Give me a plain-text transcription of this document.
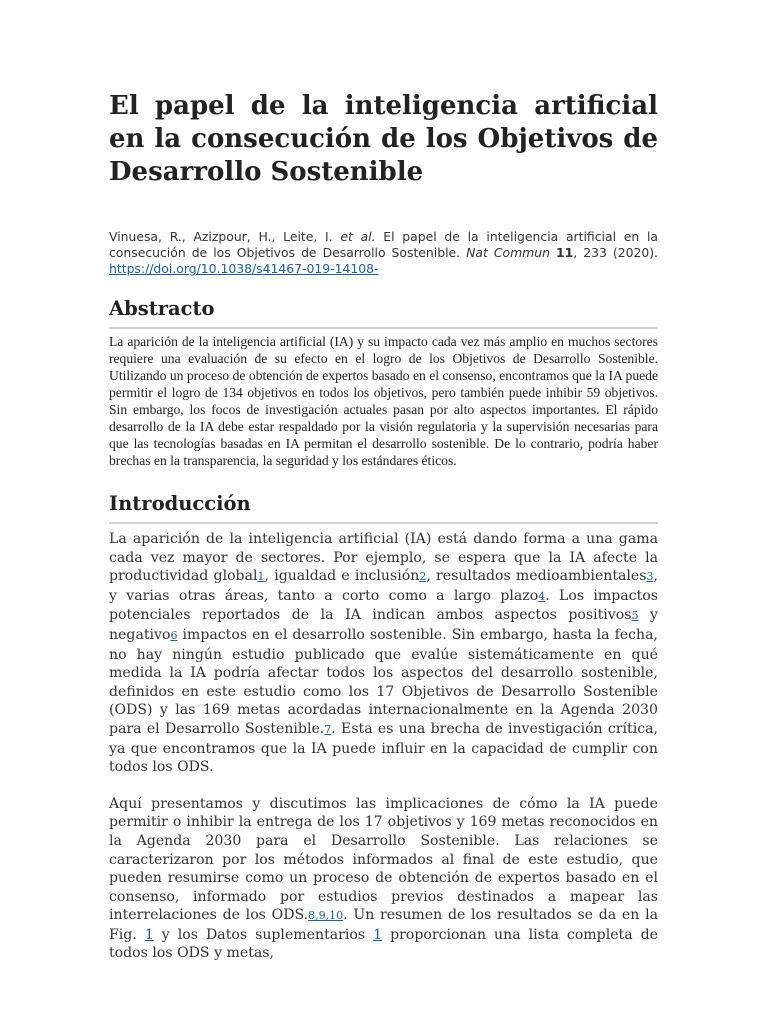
El papel de la inteligencia artificial en la consecución de los Objetivos de Desarrollo Sostenible

Vinuesa, R., Azizpour, H., Leite, I. et al. El papel de la inteligencia artificial en la consecución de los Objetivos de Desarrollo Sostenible. Nat Commun 11, 233 (2020). https://doi.org/10.1038/s41467-019-14108-

Abstracto

La aparición de la inteligencia artificial (IA) y su impacto cada vez más amplio en muchos sectores requiere una evaluación de su efecto en el logro de los Objetivos de Desarrollo Sostenible. Utilizando un proceso de obtención de expertos basado en el consenso, encontramos que la IA puede permitir el logro de 134 objetivos en todos los objetivos, pero también puede inhibir 59 objetivos. Sin embargo, los focos de investigación actuales pasan por alto aspectos importantes. El rápido desarrollo de la IA debe estar respaldado por la visión regulatoria y la supervisión necesarias para que las tecnologías basadas en IA permitan el desarrollo sostenible. De lo contrario, podría haber brechas en la transparencia, la seguridad y los estándares éticos.

Introducción

La aparición de la inteligencia artificial (IA) está dando forma a una gama cada vez mayor de sectores. Por ejemplo, se espera que la IA afecte la productividad global1, igualdad e inclusión2, resultados medioambientales3, y varias otras áreas, tanto a corto como a largo plazo4. Los impactos potenciales reportados de la IA indican ambos aspectos positivos5 y negativo6 impactos en el desarrollo sostenible. Sin embargo, hasta la fecha, no hay ningún estudio publicado que evalúe sistemáticamente en qué medida la IA podría afectar todos los aspectos del desarrollo sostenible, definidos en este estudio como los 17 Objetivos de Desarrollo Sostenible (ODS) y las 169 metas acordadas internacionalmente en la Agenda 2030 para el Desarrollo Sostenible.7. Esta es una brecha de investigación crítica, ya que encontramos que la IA puede influir en la capacidad de cumplir con todos los ODS.

Aquí presentamos y discutimos las implicaciones de cómo la IA puede permitir o inhibir la entrega de los 17 objetivos y 169 metas reconocidos en la Agenda 2030 para el Desarrollo Sostenible. Las relaciones se caracterizaron por los métodos informados al final de este estudio, que pueden resumirse como un proceso de obtención de expertos basado en el consenso, informado por estudios previos destinados a mapear las interrelaciones de los ODS.8,9,10. Un resumen de los resultados se da en la Fig. 1 y los Datos suplementarios 1 proporcionan una lista completa de todos los ODS y metas,
